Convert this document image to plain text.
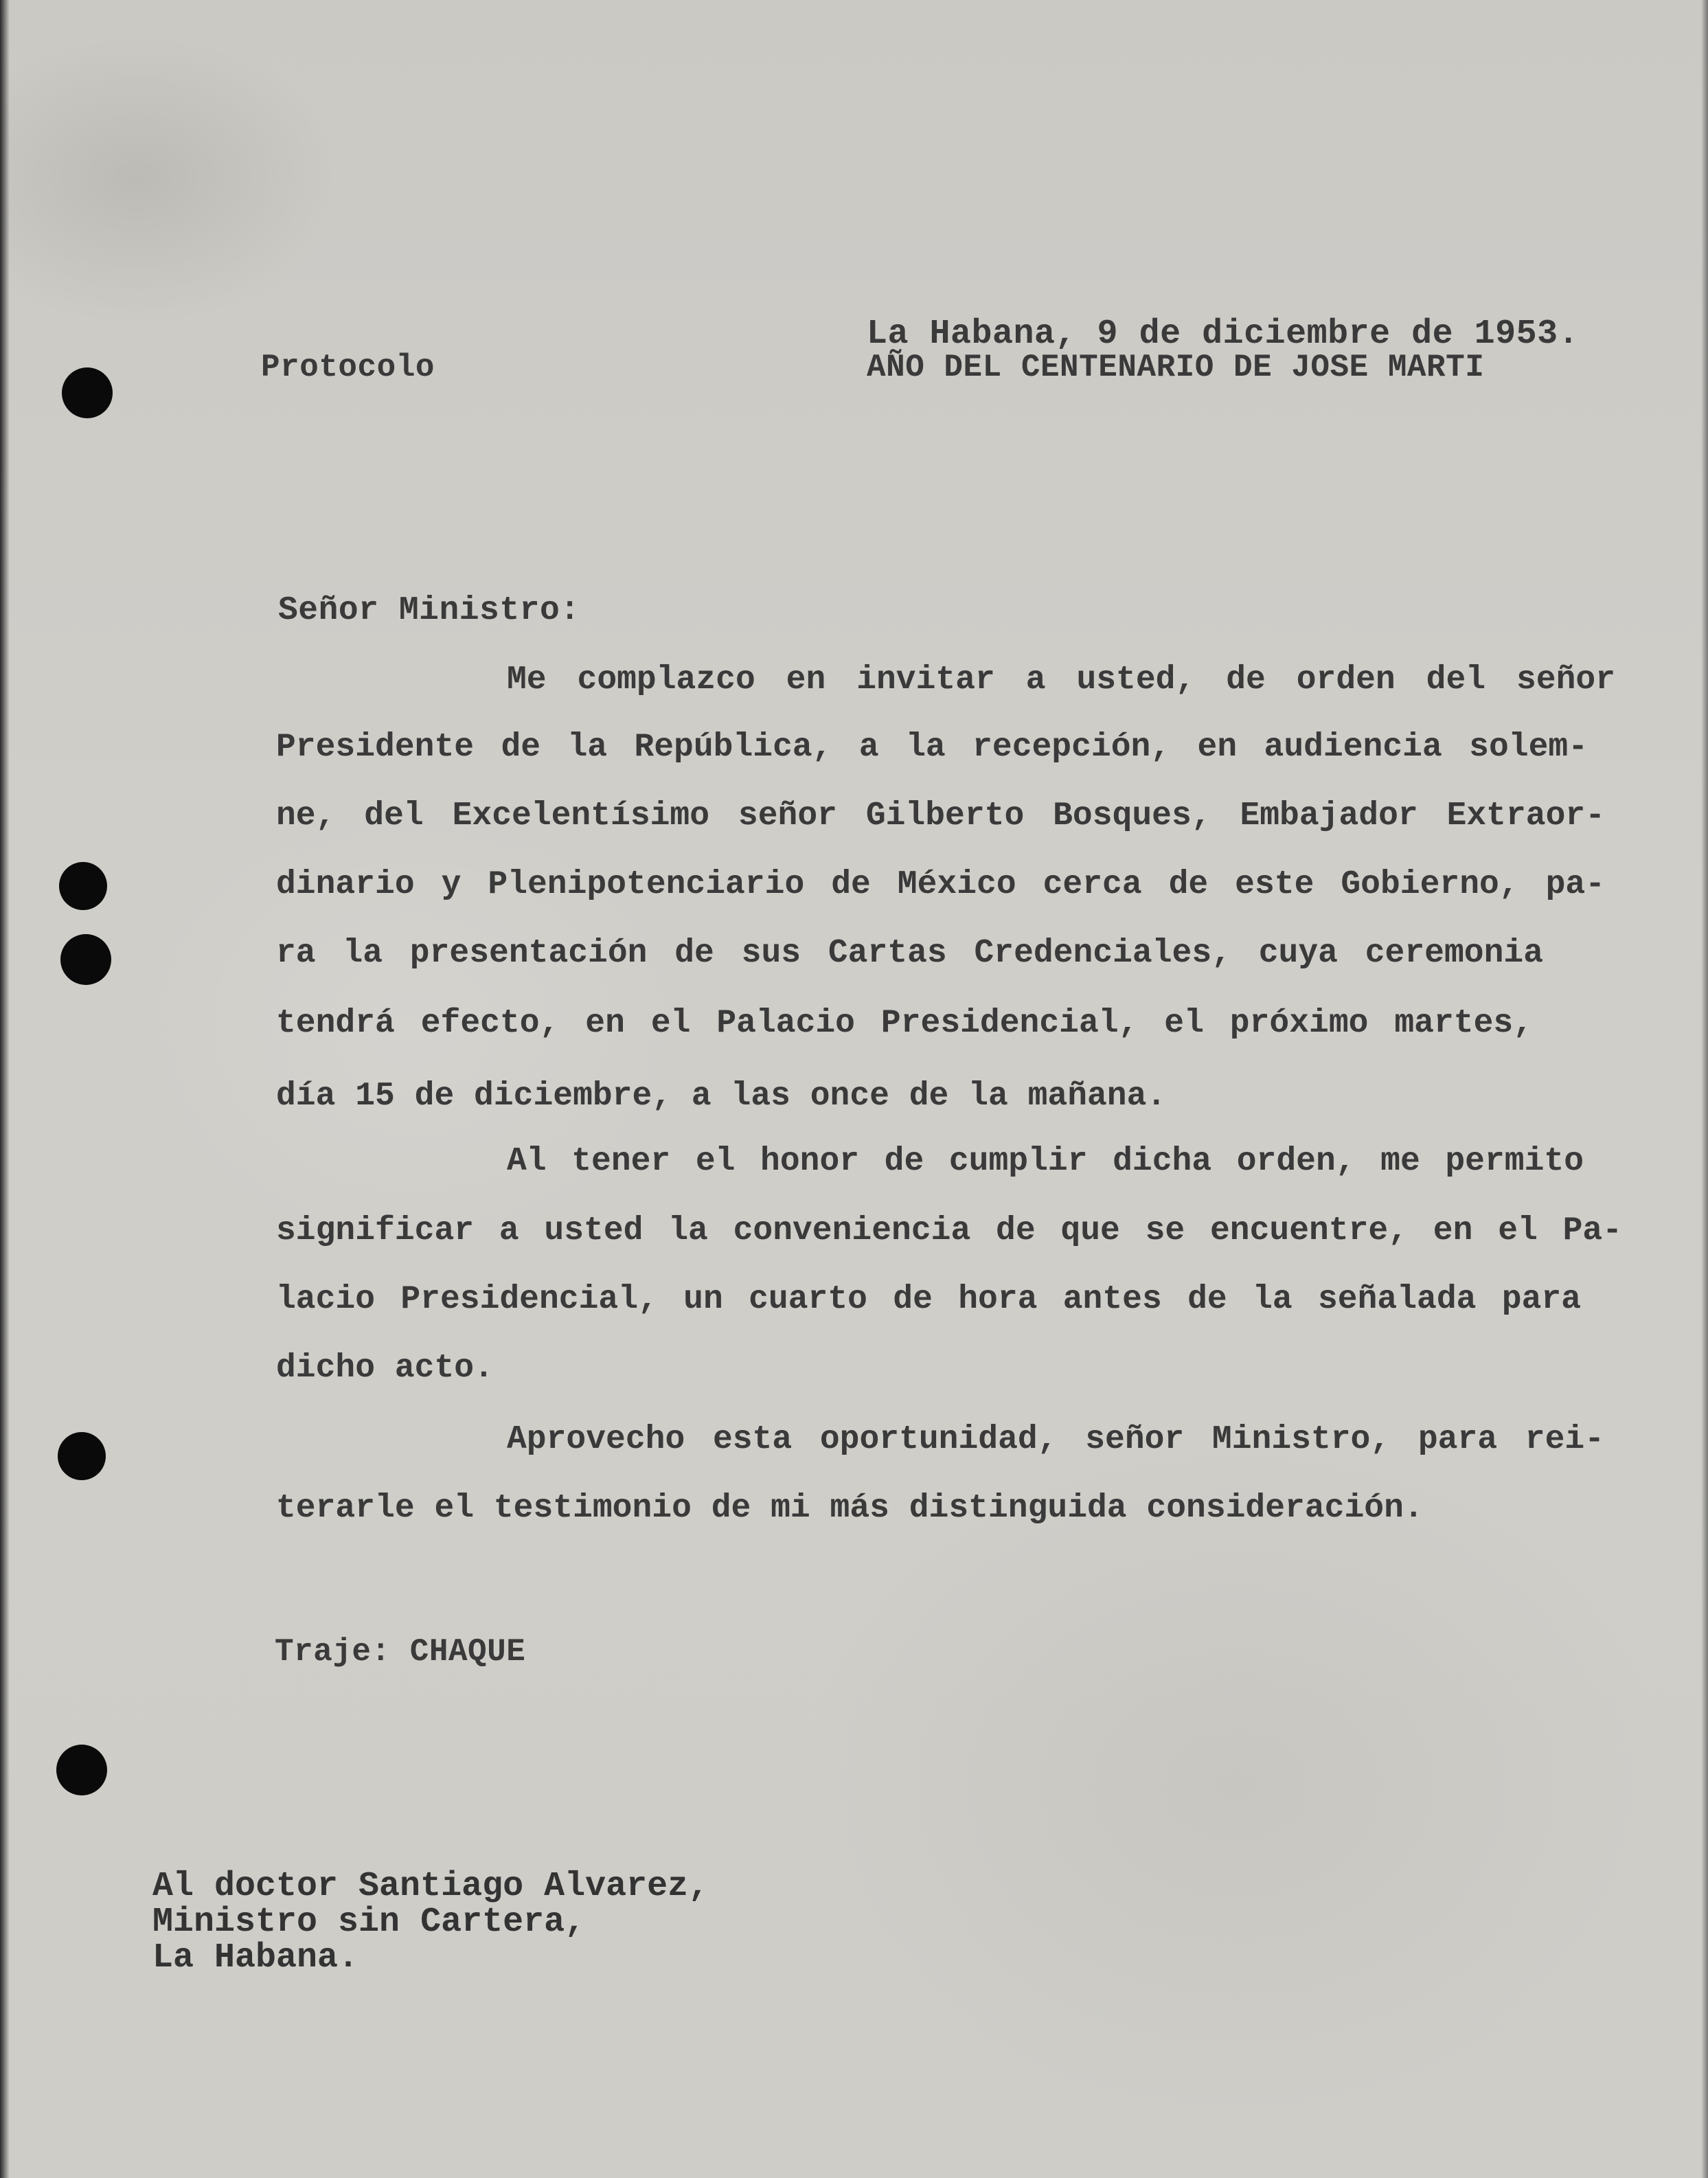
Protocolo

La Habana, 9 de diciembre de 1953.

AÑO DEL CENTENARIO DE JOSE MARTI

Señor Ministro:

Me complazco en invitar a usted, de orden del señor

Presidente de la República, a la recepción, en audiencia solem-

ne, del Excelentísimo señor Gilberto Bosques, Embajador Extraor-

dinario y Plenipotenciario de México cerca de este Gobierno, pa-

ra la presentación de sus Cartas Credenciales, cuya ceremonia

tendrá efecto, en el Palacio Presidencial, el próximo martes,

día 15 de diciembre, a las once de la mañana.

Al tener el honor de cumplir dicha orden, me permito

significar a usted la conveniencia de que se encuentre, en el Pa-

lacio Presidencial, un cuarto de hora antes de la señalada para

dicho acto.

Aprovecho esta oportunidad, señor Ministro, para rei-

terarle el testimonio de mi más distinguida consideración.

Traje: CHAQUE

Al doctor Santiago Alvarez,

Ministro sin Cartera,

La Habana.
